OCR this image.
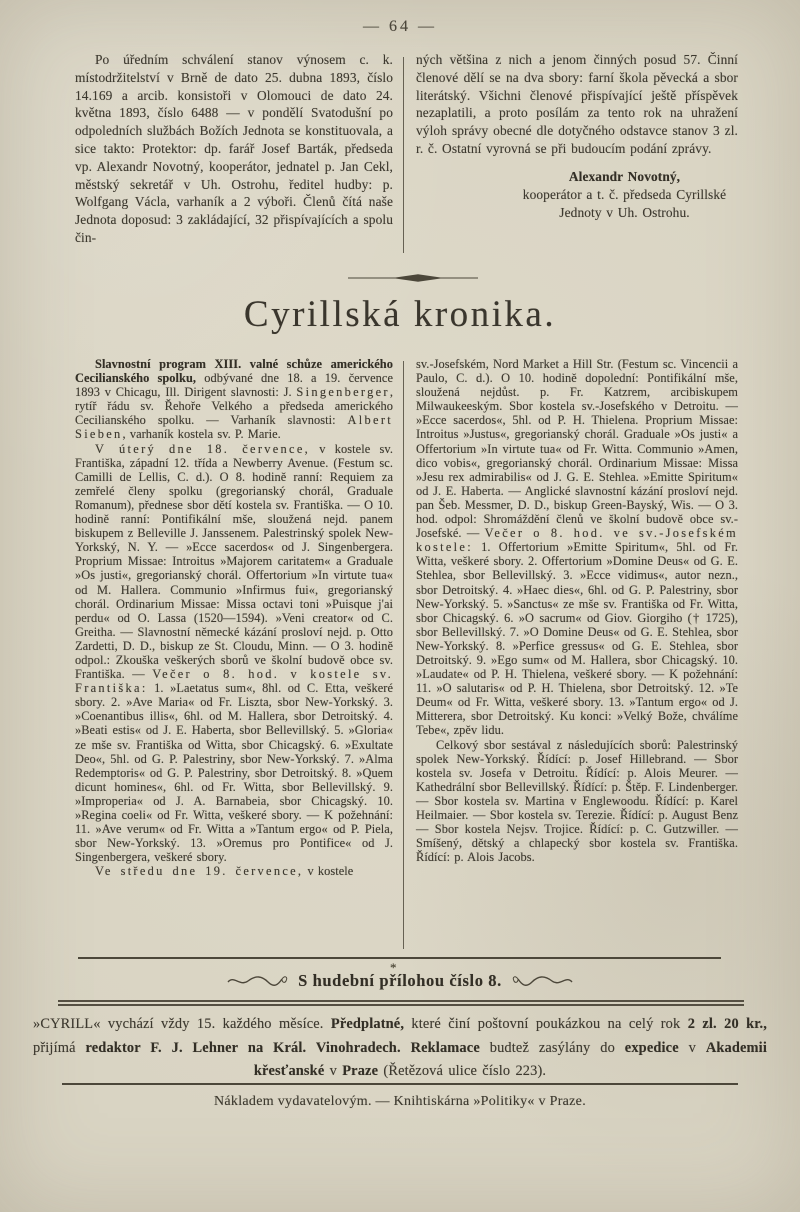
— 64 —

Po úředním schválení stanov výnosem c. k. místodržitelství v Brně de dato 25. dubna 1893, číslo 14.169 a arcib. konsistoři v Olomouci de dato 24. května 1893, číslo 6488 — v pondělí Svatodušní po odpoledních službách Božích Jednota se konstituovala, a sice takto: Protektor: dp. farář Josef Barták, předseda vp. Alexandr Novotný, kooperátor, jednatel p. Jan Cekl, městský sekretář v Uh. Ostrohu, ředitel hudby: p. Wolfgang Václa, varhaník a 2 výboři. Členů čítá naše Jednota doposud: 3 zakládající, 32 přispívajících a spolu čin-

ných většina z nich a jenom činných posud 57. Činní členové dělí se na dva sbory: farní škola pěvecká a sbor literátský. Všichni členové přispívající ještě příspěvek nezaplatili, a proto posílám za tento rok na uhražení výloh správy obecné dle dotyčného odstavce stanov 3 zl. r. č. Ostatní vyrovná se při budoucím podání zprávy.

Alexandr Novotný,
kooperátor a t. č. předseda Cyrillské
Jednoty v Uh. Ostrohu.
Cyrillská kronika.

Slavnostní program XIII. valné schůze amerického Cecilianského spolku, odbývané dne 18. a 19. července 1893 v Chicagu, Ill. Dirigent slavnosti: J. Singenberger, rytíř řádu sv. Řehoře Velkého a předseda amerického Cecilianského spolku. — Varhaník slavnosti: Albert Sieben, varhaník kostela sv. P. Marie.

V úterý dne 18. července, v kostele sv. Františka, západní 12. třída a Newberry Avenue. (Festum sc. Camilli de Lellis, C. d.). O 8. hodině ranní: Requiem za zemřelé členy spolku (gregorianský chorál, Graduale Romanum), přednese sbor dětí kostela sv. Františka. — O 10. hodině ranní: Pontifikální mše, sloužená nejd. panem biskupem z Belleville J. Janssenem. Palestrinský spolek New-Yorkský, N. Y. — »Ecce sacerdos« od J. Singenbergera. Proprium Missae: Introitus »Majorem caritatem« a Graduale »Os justi«, gregorianský chorál. Offertorium »In virtute tua« od M. Hallera. Communio »Infirmus fui«, gregorianský chorál. Ordinarium Missae: Missa octavi toni »Puisque j'ai perdu« od O. Lassa (1520—1594). »Veni creator« od C. Greitha. — Slavnostní německé kázání prosloví nejd. p. Otto Zardetti, D. D., biskup ze St. Cloudu, Minn. — O 3. hodině odpol.: Zkouška veškerých sborů ve školní budově obce sv. Františka. — Večer o 8. hod. v kostele sv. Františka: 1. »Laetatus sum«, 8hl. od C. Etta, veškeré sbory. 2. »Ave Maria« od Fr. Liszta, sbor New-Yorkský. 3. »Coenantibus illis«, 6hl. od M. Hallera, sbor Detroitský. 4. »Beati estis« od J. E. Haberta, sbor Bellevillský. 5. »Gloria« ze mše sv. Františka od Witta, sbor Chicagský. 6. »Exultate Deo«, 5hl. od G. P. Palestriny, sbor New-Yorkský. 7. »Alma Redemptoris« od G. P. Palestriny, sbor Detroitský. 8. »Quem dicunt homines«, 6hl. od Fr. Witta, sbor Bellevillský. 9. »Improperia« od J. A. Barnabeia, sbor Chicagský. 10. »Regina coeli« od Fr. Witta, veškeré sbory. — K požehnání: 11. »Ave verum« od Fr. Witta a »Tantum ergo« od P. Piela, sbor New-Yorkský. 13. »Oremus pro Pontifice« od J. Singenbergera, veškeré sbory.

Ve středu dne 19. července, v kostele

sv.-Josefském, Nord Market a Hill Str. (Festum sc. Vincencii a Paulo, C. d.). O 10. hodině dopolední: Pontifikální mše, sloužená nejdůst. p. Fr. Katzrem, arcibiskupem Milwaukeeským. Sbor kostela sv.-Josefského v Detroitu. — »Ecce sacerdos«, 5hl. od P. H. Thielena. Proprium Missae: Introitus »Justus«, gregorianský chorál. Graduale »Os justi« a Offertorium »In virtute tua« od Fr. Witta. Communio »Amen, dico vobis«, gregorianský chorál. Ordinarium Missae: Missa »Jesu rex admirabilis« od J. G. E. Stehlea. »Emitte Spiritum« od J. E. Haberta. — Anglické slavnostní kázání prosloví nejd. pan Šeb. Messmer, D. D., biskup Green-Bayský, Wis. — O 3. hod. odpol: Shromáždění členů ve školní budově obce sv.-Josefské. — Večer o 8. hod. ve sv.-Josefském kostele: 1. Offertorium »Emitte Spiritum«, 5hl. od Fr. Witta, veškeré sbory. 2. Offertorium »Domine Deus« od G. E. Stehlea, sbor Bellevillský. 3. »Ecce vidimus«, autor nezn., sbor Detroitský. 4. »Haec dies«, 6hl. od G. P. Palestriny, sbor New-Yorkský. 5. »Sanctus« ze mše sv. Františka od Fr. Witta, sbor Chicagský. 6. »O sacrum« od Giov. Giorgiho († 1725), sbor Bellevillský. 7. »O Domine Deus« od G. E. Stehlea, sbor New-Yorkský. 8. »Perfice gressus« od G. E. Stehlea, sbor Detroitský. 9. »Ego sum« od M. Hallera, sbor Chicagský. 10. »Laudate« od P. H. Thielena, veškeré sbory. — K požehnání: 11. »O salutaris« od P. H. Thielena, sbor Detroitský. 12. »Te Deum« od Fr. Witta, veškeré sbory. 13. »Tantum ergo« od J. Mitterera, sbor Detroitský. Ku konci: »Velký Bože, chválíme Tebe«, zpěv lidu.

Celkový sbor sestával z následujících sborů: Palestrinský spolek New-Yorkský. Řídící: p. Josef Hillebrand. — Sbor kostela sv. Josefa v Detroitu. Řídící: p. Alois Meurer. — Kathedrální sbor Bellevillský. Řídící: p. Štěp. F. Lindenberger. — Sbor kostela sv. Martina v Englewoodu. Řídící: p. Karel Heilmaier. — Sbor kostela sv. Terezie. Řídící: p. August Benz — Sbor kostela Nejsv. Trojice. Řídící: p. C. Gutzwiller. — Smíšený, dětský a chlapecký sbor kostela sv. Františka. Řídící: p. Alois Jacobs.

*
S hudební přílohou číslo 8.

»CYRILL« vychází vždy 15. každého měsíce. Předplatné, které činí poštovní poukázkou na celý rok 2 zl. 20 kr., přijímá redaktor F. J. Lehner na Král. Vinohradech. Reklamace budtež zasýlány do expedice v Akademii křesťanské v Praze (Řetězová ulice číslo 223).

Nákladem vydavatelovým. — Knihtiskárna »Politiky« v Praze.
